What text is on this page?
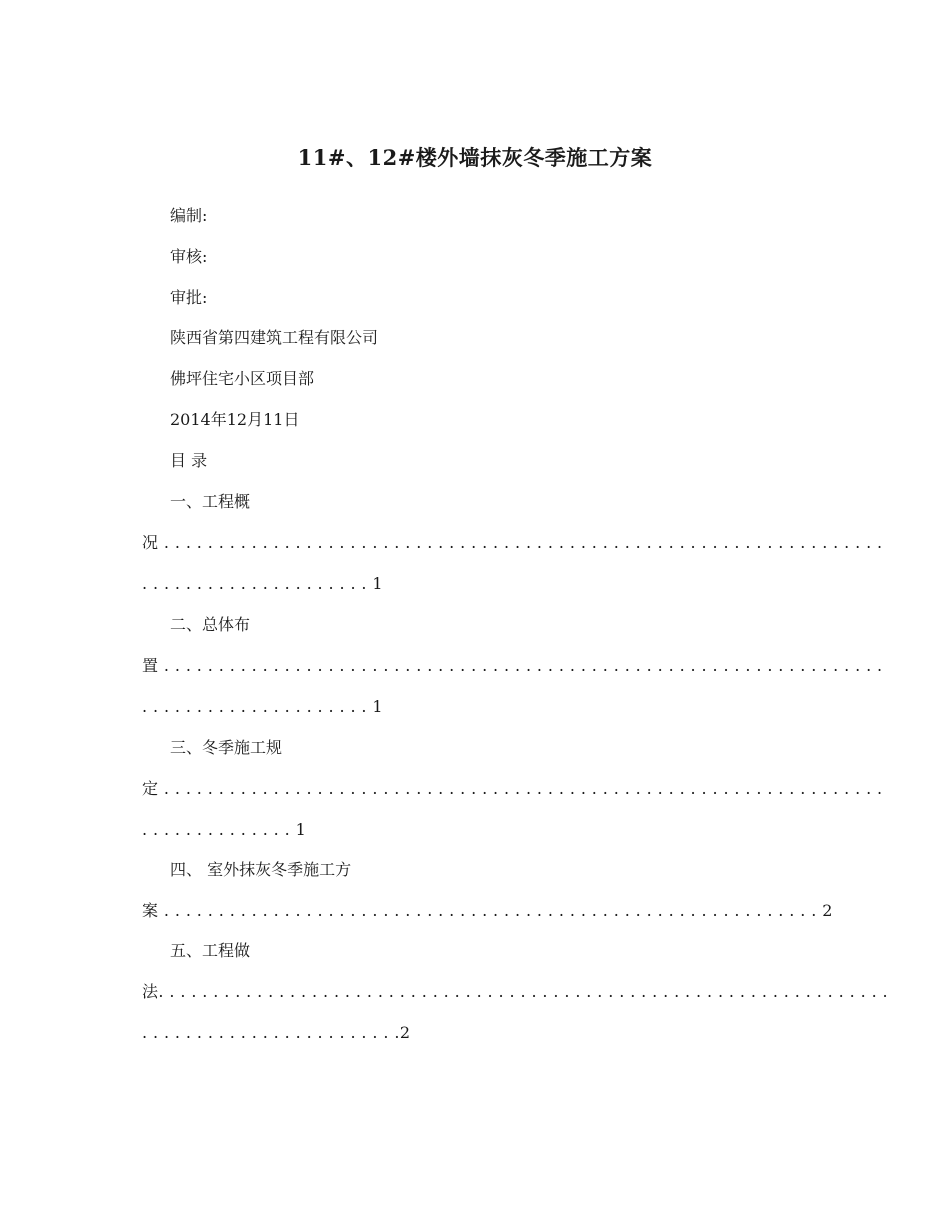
11#、12#楼外墙抹灰冬季施工方案
编制:
审核:
审批:
陕西省第四建筑工程有限公司
佛坪住宅小区项目部
2014年12月11日
目 录
一、工程概
况 . . . . . . . . . . . . . . . . . . . . . . . . . . . . . . . . . . . . . . . . . . . . . . . . . . . . . . . . . . . . . . . . . .
. . . . . . . . . . . . . . . . . . . . . 1
二、总体布
置 . . . . . . . . . . . . . . . . . . . . . . . . . . . . . . . . . . . . . . . . . . . . . . . . . . . . . . . . . . . . . . . . . .
. . . . . . . . . . . . . . . . . . . . . 1
三、冬季施工规
定 . . . . . . . . . . . . . . . . . . . . . . . . . . . . . . . . . . . . . . . . . . . . . . . . . . . . . . . . . . . . . . . . . .
. . . . . . . . . . . . . . 1
四、 室外抹灰冬季施工方
案 . . . . . . . . . . . . . . . . . . . . . . . . . . . . . . . . . . . . . . . . . . . . . . . . . . . . . . . . . . . . 2
五、工程做
法. . . . . . . . . . . . . . . . . . . . . . . . . . . . . . . . . . . . . . . . . . . . . . . . . . . . . . . . . . . . . . . . . . .
. . . . . . . . . . . . . . . . . . . . . . . .2
